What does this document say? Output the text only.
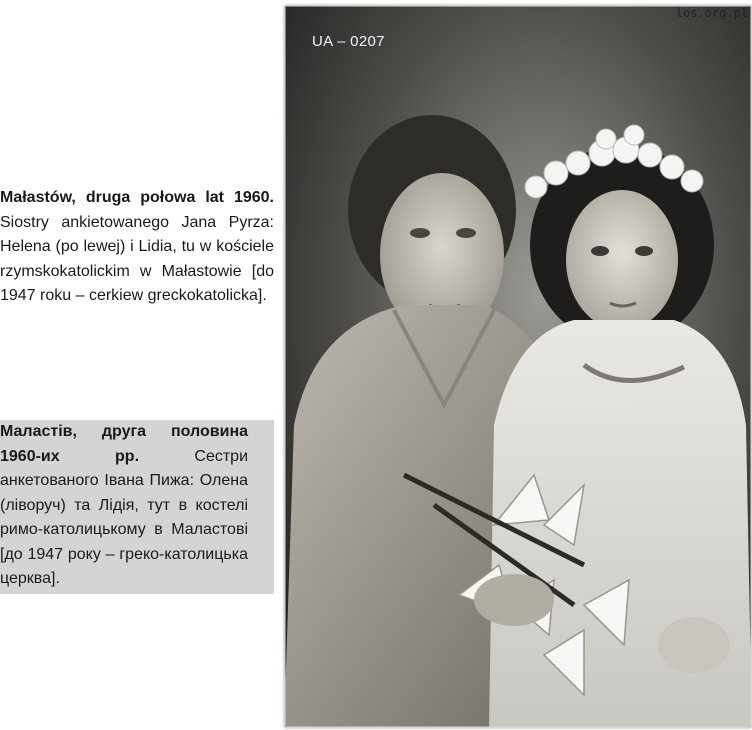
los.org.pl
Małastów, druga połowa lat 1960. Siostry ankietowanego Jana Pyrza: Helena (po lewej) i Lidia, tu w kościele rzymskokatolickim w Małastowie [do 1947 roku – cerkiew greckokatolicka].
Маластів, друга половина 1960-их рр. Сестри анкетованого Івана Пижа: Олена (ліворуч) та Лідія, тут в костелі римо-католицькому в Маластові [до 1947 року – греко-католицька церква].
UA – 0207
